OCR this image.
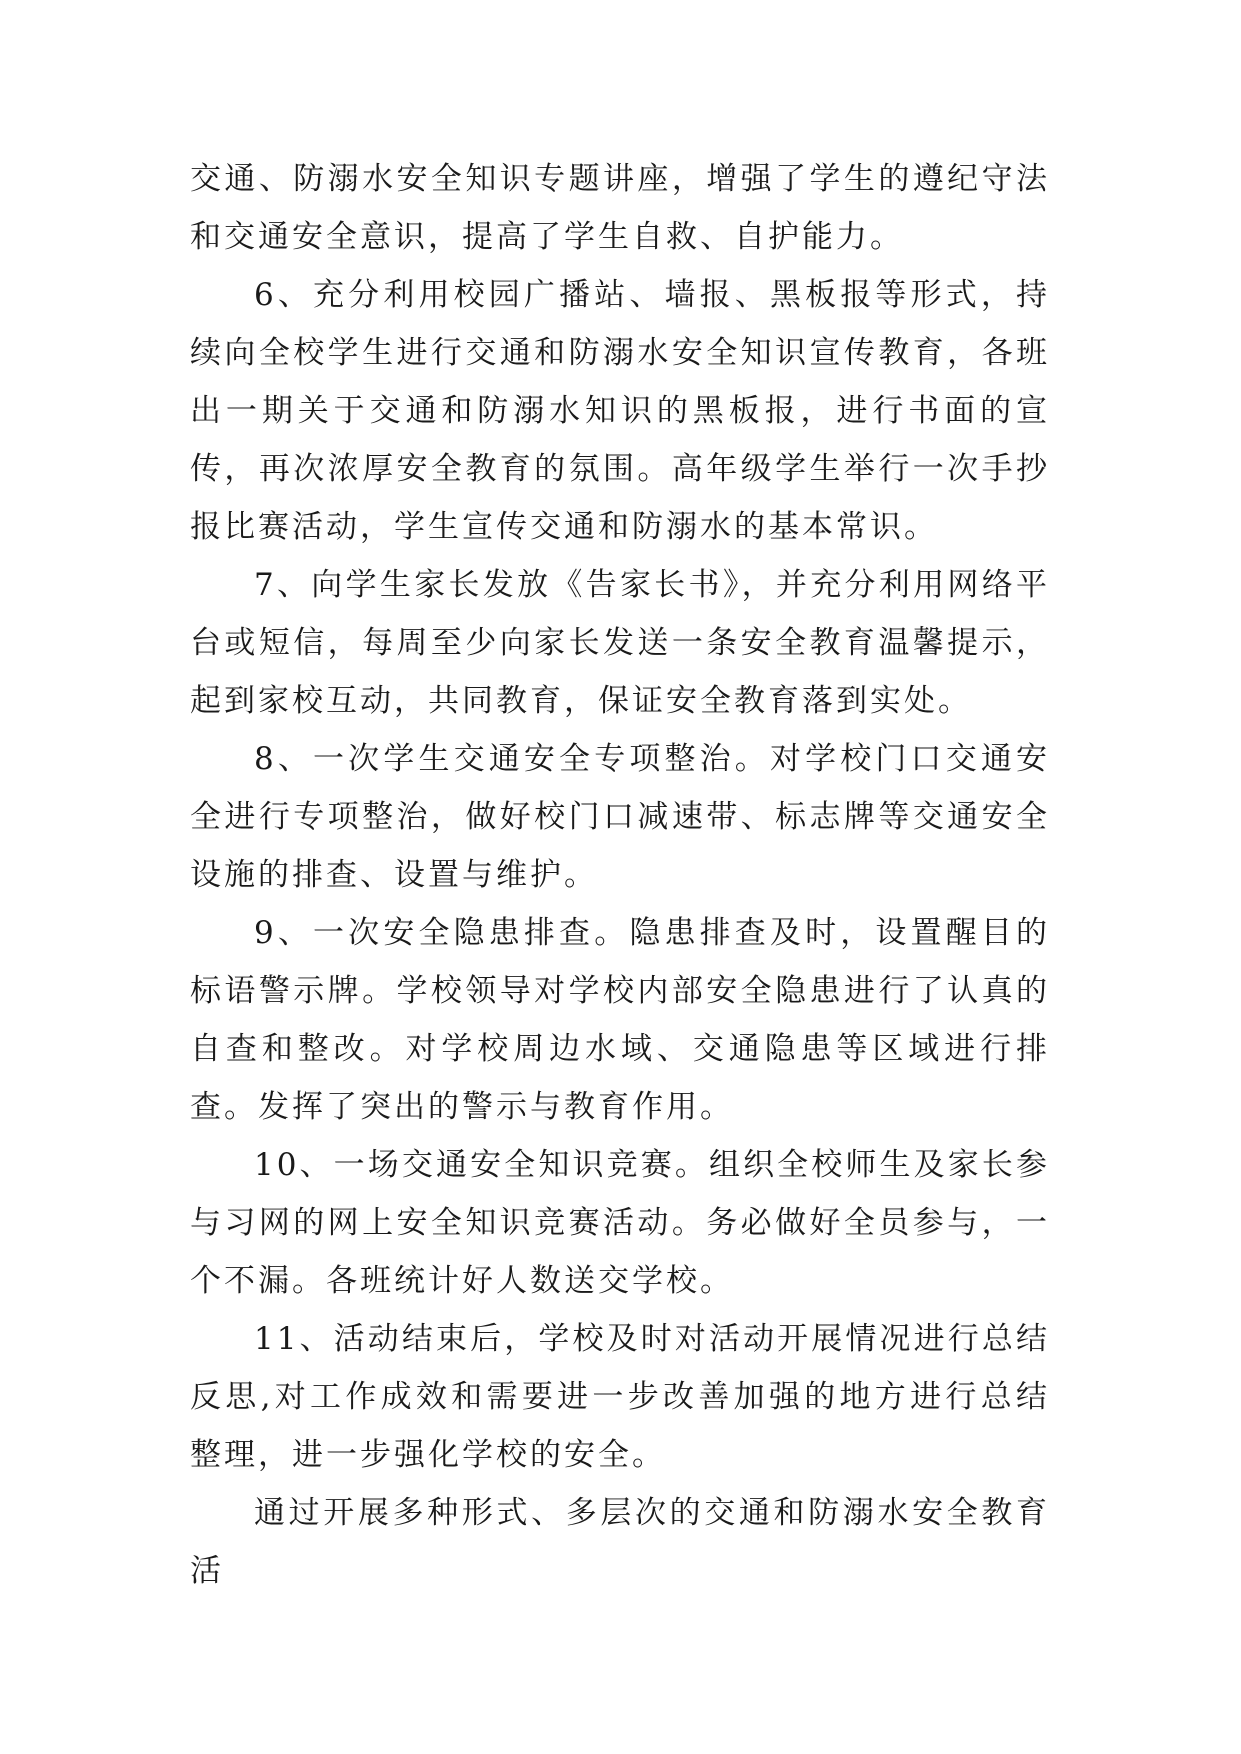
交通、防溺水安全知识专题讲座，增强了学生的遵纪守法和交通安全意识，提高了学生自救、自护能力。

6、充分利用校园广播站、墙报、黑板报等形式，持续向全校学生进行交通和防溺水安全知识宣传教育，各班出一期关于交通和防溺水知识的黑板报，进行书面的宣传，再次浓厚安全教育的氛围。高年级学生举行一次手抄报比赛活动，学生宣传交通和防溺水的基本常识。

7、向学生家长发放《告家长书》，并充分利用网络平台或短信，每周至少向家长发送一条安全教育温馨提示，起到家校互动，共同教育，保证安全教育落到实处。

8、一次学生交通安全专项整治。对学校门口交通安全进行专项整治，做好校门口减速带、标志牌等交通安全设施的排查、设置与维护。

9、一次安全隐患排查。隐患排查及时，设置醒目的标语警示牌。学校领导对学校内部安全隐患进行了认真的自查和整改。对学校周边水域、交通隐患等区域进行排查。发挥了突出的警示与教育作用。

10、一场交通安全知识竞赛。组织全校师生及家长参与习网的网上安全知识竞赛活动。务必做好全员参与，一个不漏。各班统计好人数送交学校。

11、活动结束后，学校及时对活动开展情况进行总结反思,对工作成效和需要进一步改善加强的地方进行总结整理，进一步强化学校的安全。

通过开展多种形式、多层次的交通和防溺水安全教育活
